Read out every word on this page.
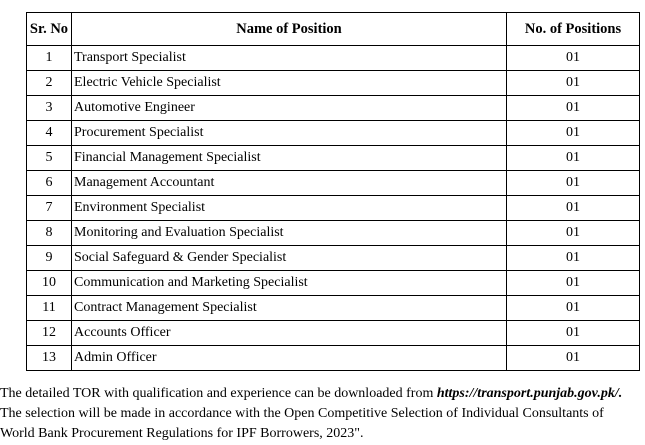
Sr. No	Name of Position	No. of Positions
1	Transport Specialist	01
2	Electric Vehicle Specialist	01
3	Automotive Engineer	01
4	Procurement Specialist	01
5	Financial Management Specialist	01
6	Management Accountant	01
7	Environment Specialist	01
8	Monitoring and Evaluation Specialist	01
9	Social Safeguard & Gender Specialist	01
10	Communication and Marketing Specialist	01
11	Contract Management Specialist	01
12	Accounts Officer	01
13	Admin Officer	01

The detailed TOR with qualification and experience can be downloaded from https://transport.punjab.gov.pk/.

The selection will be made in accordance with the Open Competitive Selection of Individual Consultants of

World Bank Procurement Regulations for IPF Borrowers, 2023".
